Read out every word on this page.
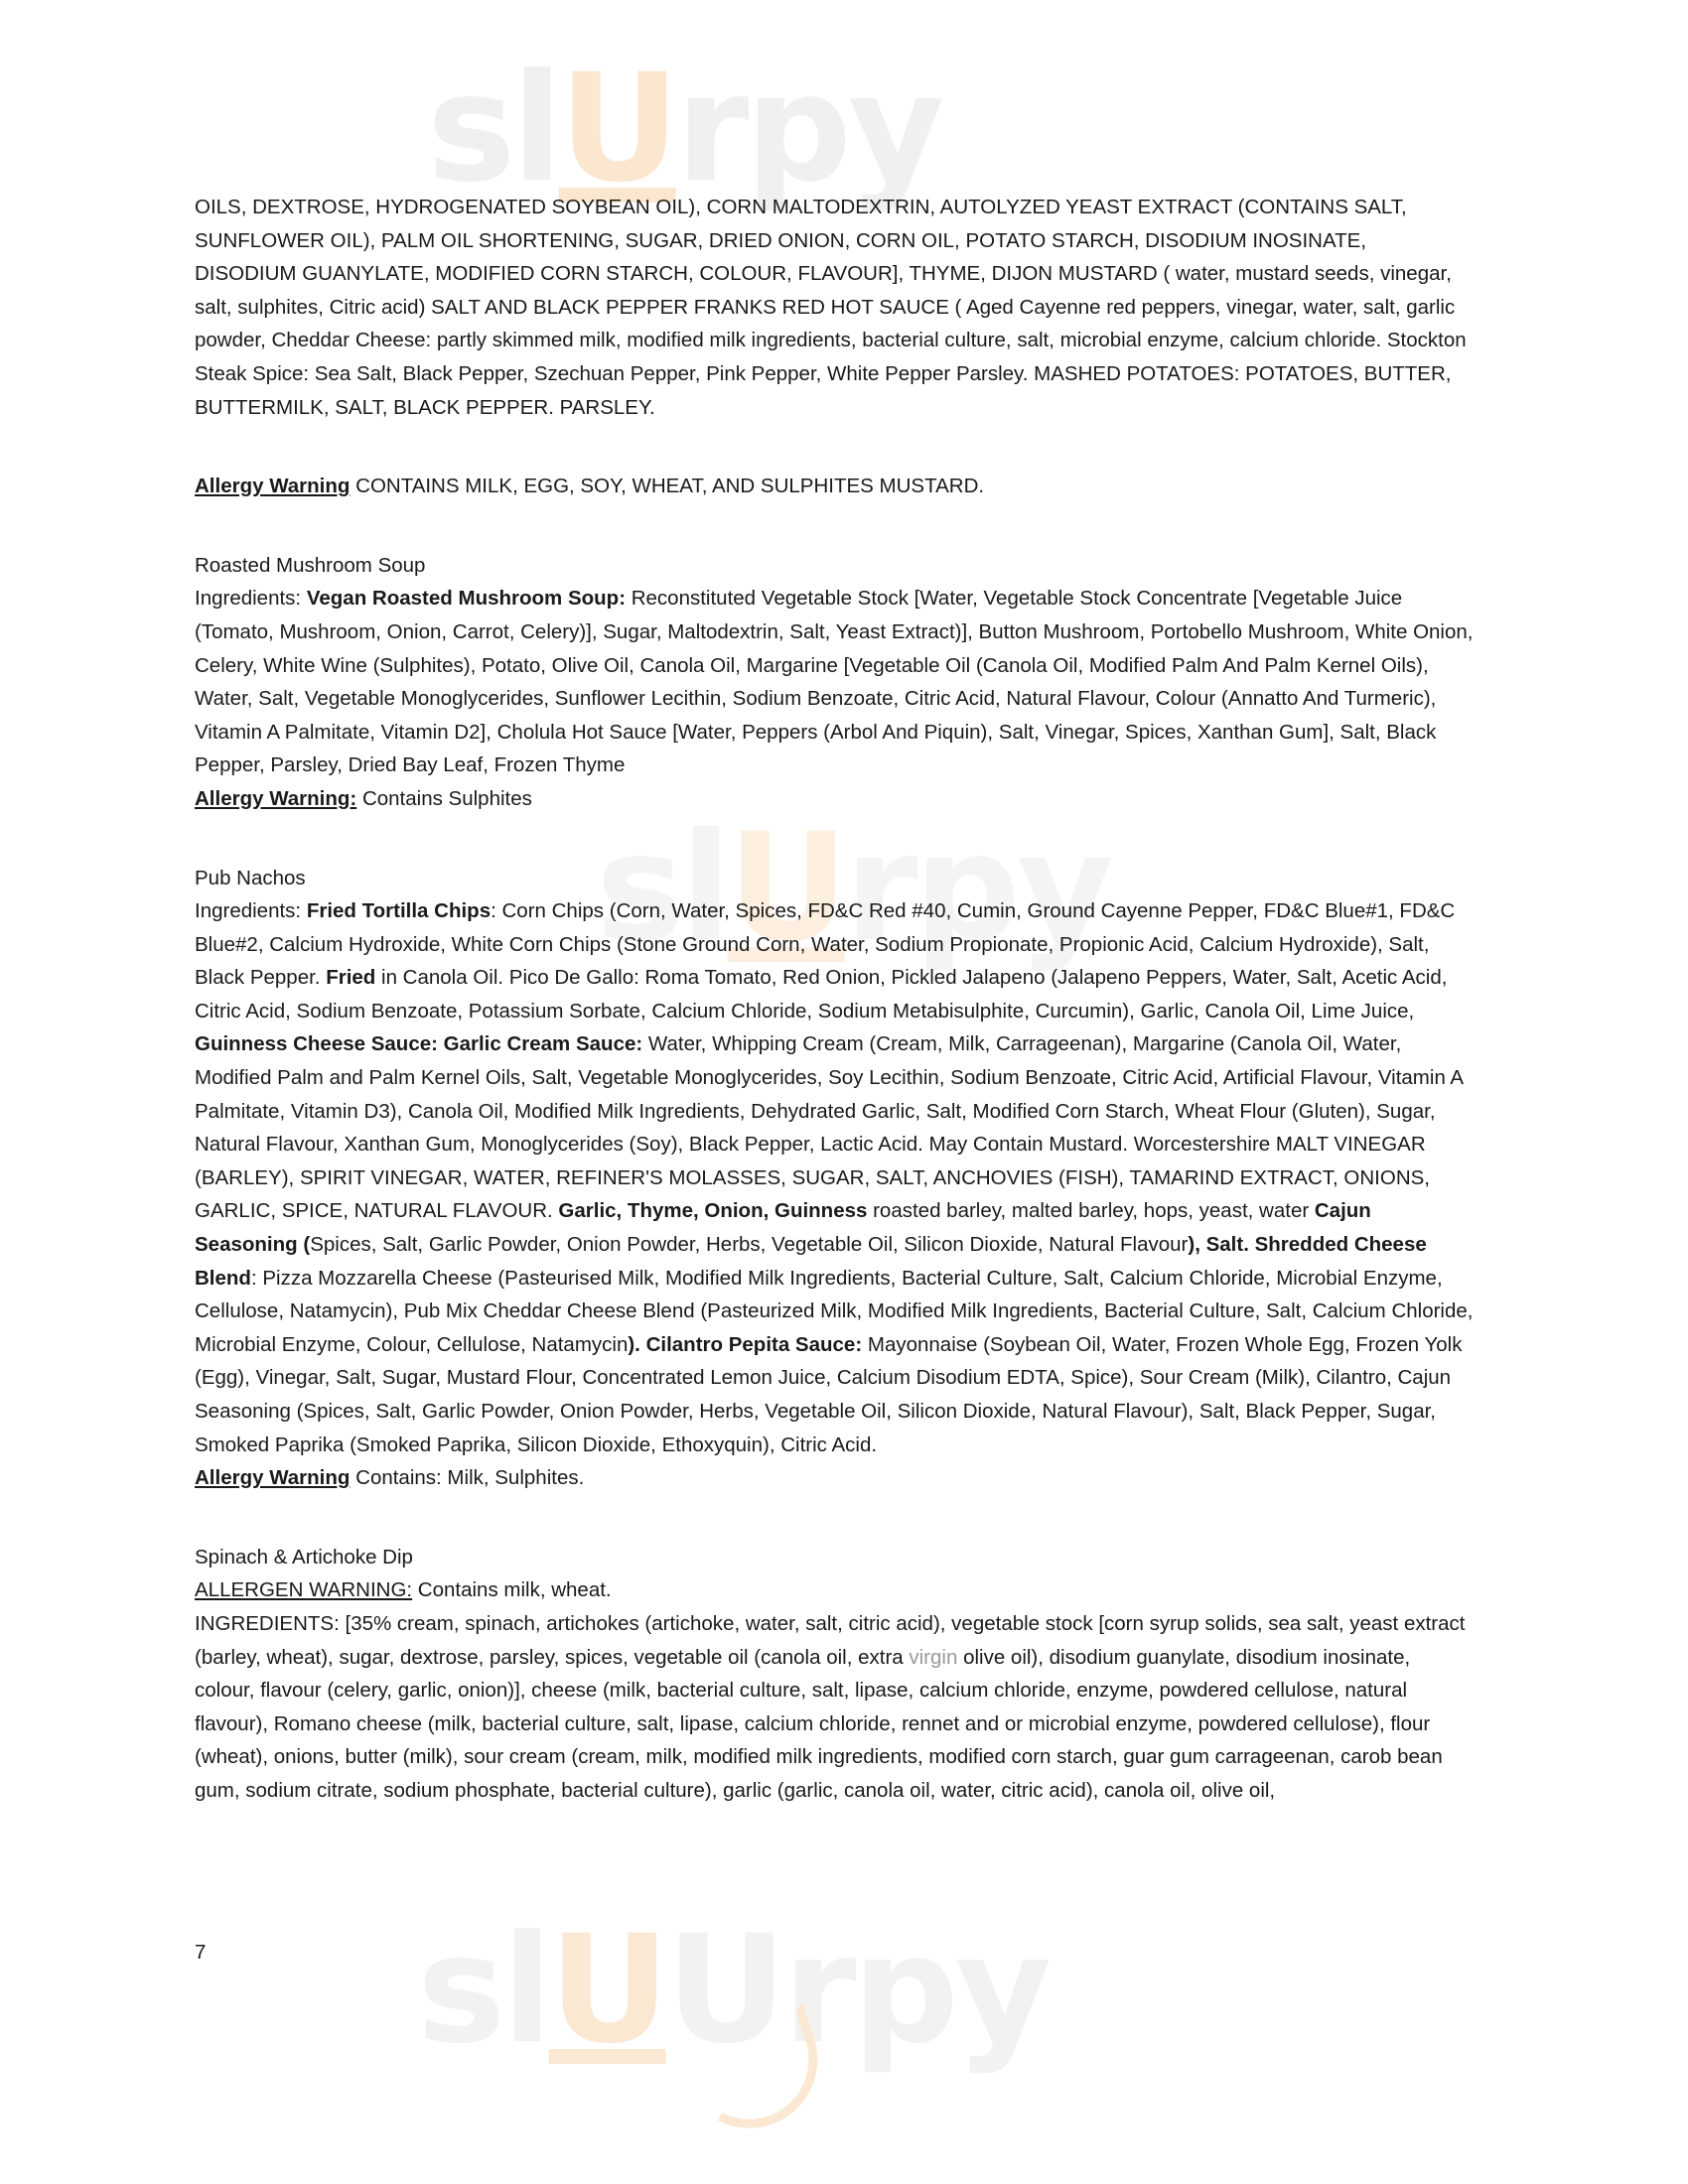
slUrpy
slUrpy
slUUrpy

OILS, DEXTROSE, HYDROGENATED SOYBEAN OIL), CORN MALTODEXTRIN, AUTOLYZED YEAST EXTRACT (CONTAINS SALT, SUNFLOWER OIL), PALM OIL SHORTENING, SUGAR, DRIED ONION, CORN OIL, POTATO STARCH, DISODIUM INOSINATE, DISODIUM GUANYLATE, MODIFIED CORN STARCH, COLOUR, FLAVOUR], THYME, DIJON MUSTARD ( water, mustard seeds, vinegar, salt, sulphites, Citric acid) SALT AND BLACK PEPPER FRANKS RED HOT SAUCE ( Aged Cayenne red peppers, vinegar, water, salt, garlic powder, Cheddar Cheese: partly skimmed milk, modified milk ingredients, bacterial culture, salt, microbial enzyme, calcium chloride. Stockton Steak Spice: Sea Salt, Black Pepper, Szechuan Pepper, Pink Pepper, White Pepper Parsley. MASHED POTATOES: POTATOES, BUTTER, BUTTERMILK, SALT, BLACK PEPPER. PARSLEY.

Allergy Warning CONTAINS MILK, EGG, SOY, WHEAT, AND SULPHITES MUSTARD.

Roasted Mushroom Soup

Ingredients: Vegan Roasted Mushroom Soup: Reconstituted Vegetable Stock [Water, Vegetable Stock Concentrate [Vegetable Juice (Tomato, Mushroom, Onion, Carrot, Celery)], Sugar, Maltodextrin, Salt, Yeast Extract)], Button Mushroom, Portobello Mushroom, White Onion, Celery, White Wine (Sulphites), Potato, Olive Oil, Canola Oil, Margarine [Vegetable Oil (Canola Oil, Modified Palm And Palm Kernel Oils), Water, Salt, Vegetable Monoglycerides, Sunflower Lecithin, Sodium Benzoate, Citric Acid, Natural Flavour, Colour (Annatto And Turmeric), Vitamin A Palmitate, Vitamin D2], Cholula Hot Sauce [Water, Peppers (Arbol And Piquin), Salt, Vinegar, Spices, Xanthan Gum], Salt, Black Pepper, Parsley, Dried Bay Leaf, Frozen Thyme

Allergy Warning: Contains Sulphites

Pub Nachos

Ingredients: Fried Tortilla Chips: Corn Chips (Corn, Water, Spices, FD&C Red #40, Cumin, Ground Cayenne Pepper, FD&C Blue#1, FD&C Blue#2, Calcium Hydroxide, White Corn Chips (Stone Ground Corn, Water, Sodium Propionate, Propionic Acid, Calcium Hydroxide), Salt, Black Pepper. Fried in Canola Oil. Pico De Gallo: Roma Tomato, Red Onion, Pickled Jalapeno (Jalapeno Peppers, Water, Salt, Acetic Acid, Citric Acid, Sodium Benzoate, Potassium Sorbate, Calcium Chloride, Sodium Metabisulphite, Curcumin), Garlic, Canola Oil, Lime Juice, Guinness Cheese Sauce: Garlic Cream Sauce: Water, Whipping Cream (Cream, Milk, Carrageenan), Margarine (Canola Oil, Water, Modified Palm and Palm Kernel Oils, Salt, Vegetable Monoglycerides, Soy Lecithin, Sodium Benzoate, Citric Acid, Artificial Flavour, Vitamin A Palmitate, Vitamin D3), Canola Oil, Modified Milk Ingredients, Dehydrated Garlic, Salt, Modified Corn Starch, Wheat Flour (Gluten), Sugar, Natural Flavour, Xanthan Gum, Monoglycerides (Soy), Black Pepper, Lactic Acid. May Contain Mustard. Worcestershire MALT VINEGAR (BARLEY), SPIRIT VINEGAR, WATER, REFINER'S MOLASSES, SUGAR, SALT, ANCHOVIES (FISH), TAMARIND EXTRACT, ONIONS, GARLIC, SPICE, NATURAL FLAVOUR. Garlic, Thyme, Onion, Guinness roasted barley, malted barley, hops, yeast, water Cajun Seasoning (Spices, Salt, Garlic Powder, Onion Powder, Herbs, Vegetable Oil, Silicon Dioxide, Natural Flavour), Salt. Shredded Cheese Blend: Pizza Mozzarella Cheese (Pasteurised Milk, Modified Milk Ingredients, Bacterial Culture, Salt, Calcium Chloride, Microbial Enzyme, Cellulose, Natamycin), Pub Mix Cheddar Cheese Blend (Pasteurized Milk, Modified Milk Ingredients, Bacterial Culture, Salt, Calcium Chloride, Microbial Enzyme, Colour, Cellulose, Natamycin). Cilantro Pepita Sauce: Mayonnaise (Soybean Oil, Water, Frozen Whole Egg, Frozen Yolk (Egg), Vinegar, Salt, Sugar, Mustard Flour, Concentrated Lemon Juice, Calcium Disodium EDTA, Spice), Sour Cream (Milk), Cilantro, Cajun Seasoning (Spices, Salt, Garlic Powder, Onion Powder, Herbs, Vegetable Oil, Silicon Dioxide, Natural Flavour), Salt, Black Pepper, Sugar, Smoked Paprika (Smoked Paprika, Silicon Dioxide, Ethoxyquin), Citric Acid.

Allergy Warning Contains: Milk, Sulphites.

Spinach & Artichoke Dip

ALLERGEN WARNING: Contains milk, wheat.

INGREDIENTS: [35% cream, spinach, artichokes (artichoke, water, salt, citric acid), vegetable stock [corn syrup solids, sea salt, yeast extract (barley, wheat), sugar, dextrose, parsley, spices, vegetable oil (canola oil, extra virgin olive oil), disodium guanylate, disodium inosinate, colour, flavour (celery, garlic, onion)], cheese (milk, bacterial culture, salt, lipase, calcium chloride, enzyme, powdered cellulose, natural flavour), Romano cheese (milk, bacterial culture, salt, lipase, calcium chloride, rennet and or microbial enzyme, powdered cellulose), flour (wheat), onions, butter (milk), sour cream (cream, milk, modified milk ingredients, modified corn starch, guar gum carrageenan, carob bean gum, sodium citrate, sodium phosphate, bacterial culture), garlic (garlic, canola oil, water, citric acid), canola oil, olive oil,

7
